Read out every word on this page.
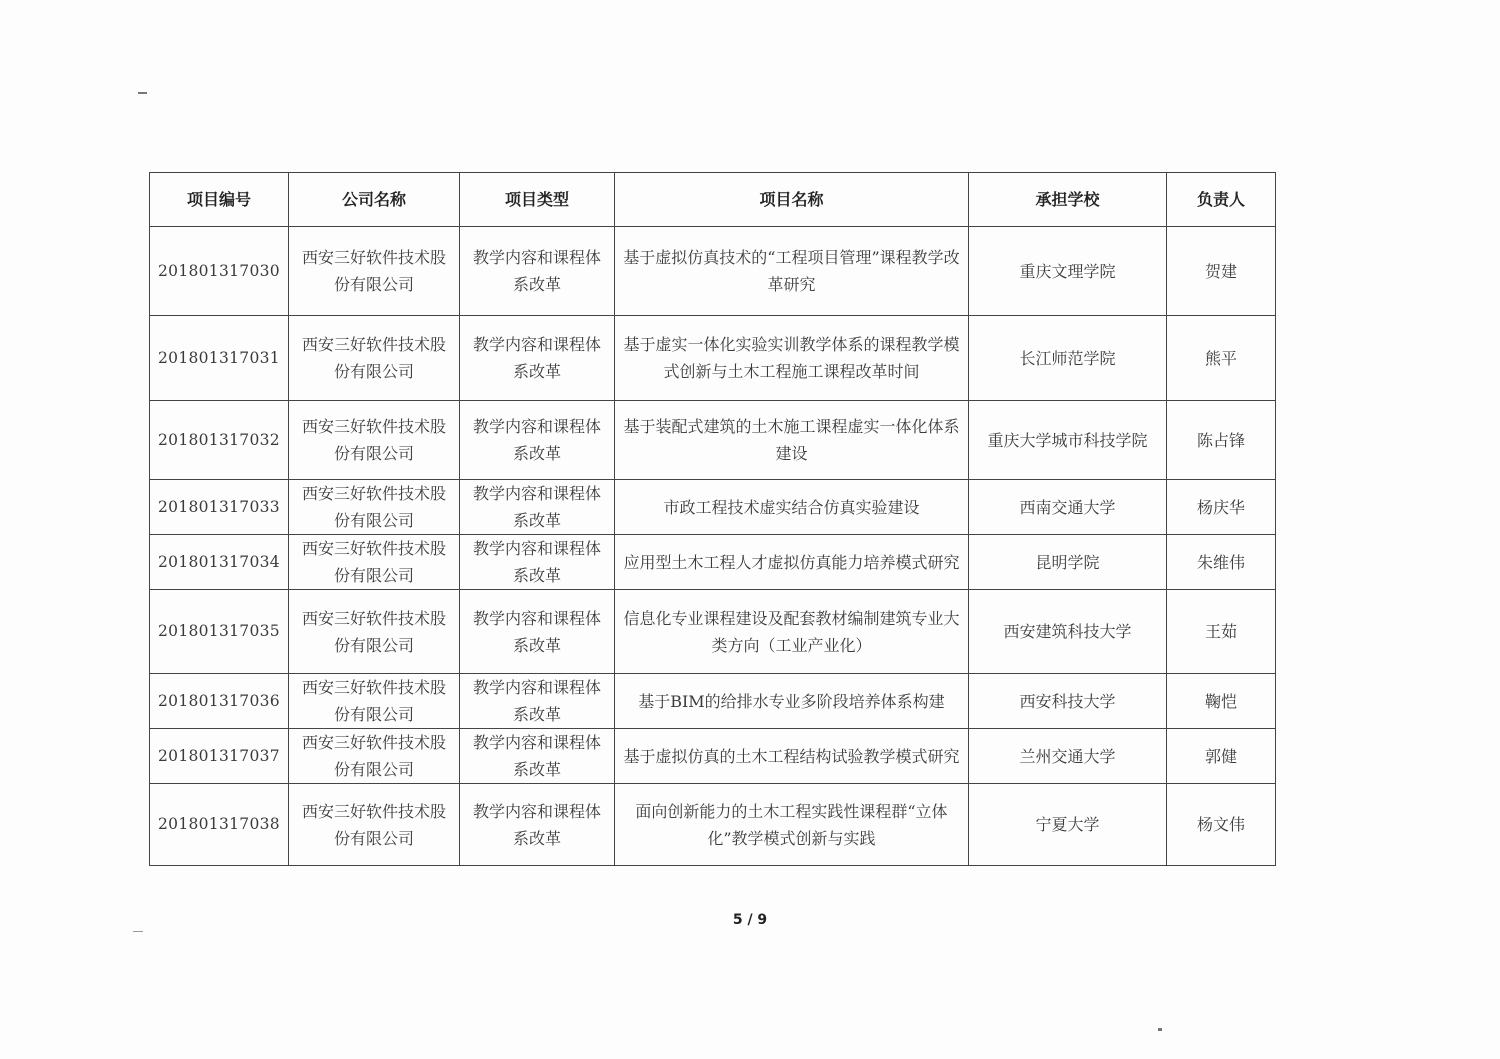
项目编号	公司名称	项目类型	项目名称	承担学校	负责人
201801317030	西安三好软件技术股份有限公司	教学内容和课程体系改革	基于虚拟仿真技术的“工程项目管理”课程教学改革研究	重庆文理学院	贺建
201801317031	西安三好软件技术股份有限公司	教学内容和课程体系改革	基于虚实一体化实验实训教学体系的课程教学模式创新与土木工程施工课程改革时间	长江师范学院	熊平
201801317032	西安三好软件技术股份有限公司	教学内容和课程体系改革	基于装配式建筑的土木施工课程虚实一体化体系建设	重庆大学城市科技学院	陈占锋
201801317033	西安三好软件技术股份有限公司	教学内容和课程体系改革	市政工程技术虚实结合仿真实验建设	西南交通大学	杨庆华
201801317034	西安三好软件技术股份有限公司	教学内容和课程体系改革	应用型土木工程人才虚拟仿真能力培养模式研究	昆明学院	朱维伟
201801317035	西安三好软件技术股份有限公司	教学内容和课程体系改革	信息化专业课程建设及配套教材编制建筑专业大类方向（工业产业化）	西安建筑科技大学	王茹
201801317036	西安三好软件技术股份有限公司	教学内容和课程体系改革	基于BIM的给排水专业多阶段培养体系构建	西安科技大学	鞠恺
201801317037	西安三好软件技术股份有限公司	教学内容和课程体系改革	基于虚拟仿真的土木工程结构试验教学模式研究	兰州交通大学	郭健
201801317038	西安三好软件技术股份有限公司	教学内容和课程体系改革	面向创新能力的土木工程实践性课程群“立体化”教学模式创新与实践	宁夏大学	杨文伟
5 / 9
